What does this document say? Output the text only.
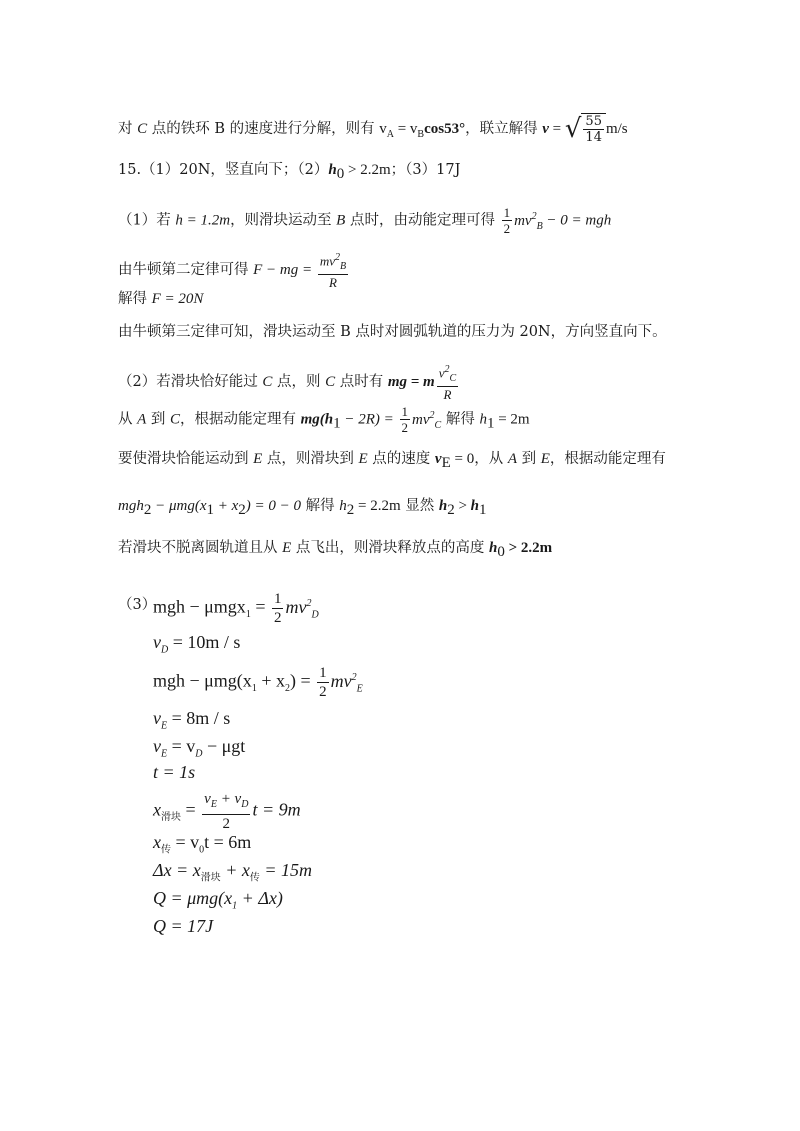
对 C 点的铁环 B 的速度进行分解，则有 $v_A = v_B\cos 53^\circ$，联立解得 v = √ $\frac{55}{14} m/s$
15.（1）20N，竖直向下；$(2)h_0 > 2.2m$；（3）17J
（1）若 h = 1.2m，则滑块运动至 B 点时，由动能定理可得 $\frac{1}{2} mv^2_B - 0$ = mgh
由牛顿第二定律可得 F − mg = $\frac{mv^2_B}{R}$
解得 F = 20N
由牛顿第三定律可知，滑块运动至 B 点时对圆弧轨道的压力为 20N，方向竖直向下。
（2）若滑块恰好能过 C 点，则 C 点时有 mg = m $\frac{v^2_C}{R}$
从 A 到 C，根据动能定理有 $mg(h_1 - 2R) = \frac{1}{2} mv^2_C$ 解得 $h_1 = 2m$
要使滑块恰能运动到 E 点，则滑块到 E 点的速度 $v_E = 0$，从 A 到 E，根据动能定理有
$mgh_2 - \mu mg(x_1 + x_2) = 0 - 0$ 解得 $h_2 = 2.2m$ 显然 $h_2 > h_1$
若滑块不脱离圆轨道且从 E 点飞出，则滑块释放点的高度 $h_0 > 2.2m$
（3）
mgh − $\mu mgx_1 = \frac{1}{2} mv^2_D$
$v_D = 10m / s$
mgh − $\mu mg(x_1 + x_2) = \frac{1}{2} mv^2_E$
$v_E = 8m / s$
$v_E = v_D - \mu gt$
t = 1s
$x_{滑块} = \frac{v_E + v_D}{2}$ t = 9m
$x_传 = v_0t = 6m$
$\Delta x = x_{滑块} + x_传 = 15m$
$Q = \mu mg(x_1 + \Delta x)$
Q = 17J
